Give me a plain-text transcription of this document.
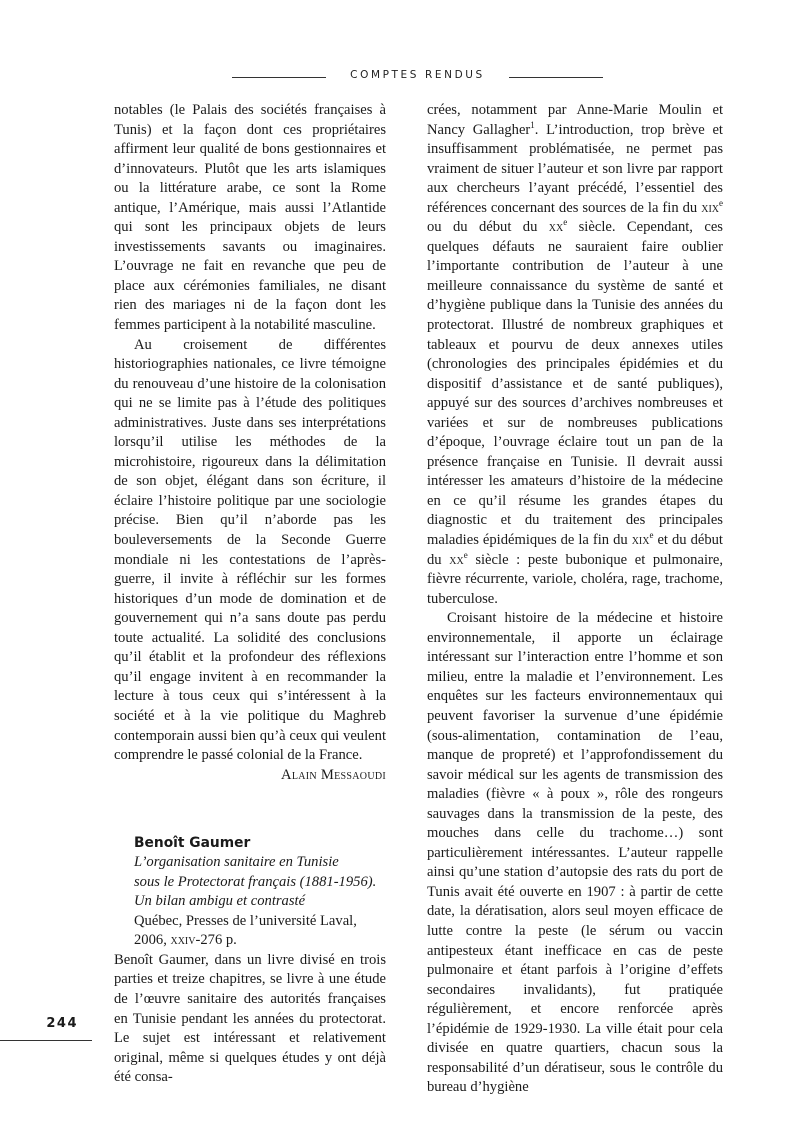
COMPTES RENDUS

notables (le Palais des sociétés françaises à Tunis) et la façon dont ces propriétaires affirment leur qualité de bons gestionnaires et d’innovateurs. Plutôt que les arts islamiques ou la littérature arabe, ce sont la Rome antique, l’Amérique, mais aussi l’Atlantide qui sont les principaux objets de leurs investissements savants ou imaginaires. L’ouvrage ne fait en revanche que peu de place aux cérémonies familiales, ne disant rien des mariages ni de la façon dont les femmes participent à la notabilité masculine.

Au croisement de différentes historiographies nationales, ce livre témoigne du renouveau d’une histoire de la colonisation qui ne se limite pas à l’étude des politiques administratives. Juste dans ses interprétations lorsqu’il utilise les méthodes de la microhistoire, rigoureux dans la délimitation de son objet, élégant dans son écriture, il éclaire l’histoire politique par une sociologie précise. Bien qu’il n’aborde pas les bouleversements de la Seconde Guerre mondiale ni les contestations de l’après-guerre, il invite à réfléchir sur les formes historiques d’un mode de domination et de gouvernement qui n’a sans doute pas perdu toute actualité. La solidité des conclusions qu’il établit et la profondeur des réflexions qu’il engage invitent à en recommander la lecture à tous ceux qui s’intéressent à la société et à la vie politique du Maghreb contemporain aussi bien qu’à ceux qui veulent comprendre le passé colonial de la France.

Alain Messaoudi

Benoît Gaumer
L’organisation sanitaire en Tunisie
sous le Protectorat français (1881-1956).
Un bilan ambigu et contrasté
Québec, Presses de l’université Laval,
2006, xxiv-276 p.

Benoît Gaumer, dans un livre divisé en trois parties et treize chapitres, se livre à une étude de l’œuvre sanitaire des autorités françaises en Tunisie pendant les années du protectorat. Le sujet est intéressant et relativement original, même si quelques études y ont déjà été consa-

crées, notamment par Anne-Marie Moulin et Nancy Gallagher$^1$. L’introduction, trop brève et insuffisamment problématisée, ne permet pas vraiment de situer l’auteur et son livre par rapport aux chercheurs l’ayant précédé, l’essentiel des références concernant des sources de la fin du xix$^e$ ou du début du $xx^e$ siècle. Cependant, ces quelques défauts ne sauraient faire oublier l’importante contribution de l’auteur à une meilleure connaissance du système de santé et d’hygiène publique dans la Tunisie des années du protectorat. Illustré de nombreux graphiques et tableaux et pourvu de deux annexes utiles (chronologies des principales épidémies et du dispositif d’assistance et de santé publiques), appuyé sur des sources d’archives nombreuses et variées et sur de nombreuses publications d’époque, l’ouvrage éclaire tout un pan de la présence française en Tunisie. Il devrait aussi intéresser les amateurs d’histoire de la médecine en ce qu’il résume les grandes étapes du diagnostic et du traitement des principales maladies épidémiques de la fin du xix$^e$ et du début du $xx^e$ siècle : peste bubonique et pulmonaire, fièvre récurrente, variole, choléra, rage, trachome, tuberculose.

Croisant histoire de la médecine et histoire environnementale, il apporte un éclairage intéressant sur l’interaction entre l’homme et son milieu, entre la maladie et l’environnement. Les enquêtes sur les facteurs environnementaux qui peuvent favoriser la survenue d’une épidémie (sous-alimentation, contamination de l’eau, manque de propreté) et l’approfondissement du savoir médical sur les agents de transmission des maladies (fièvre « à poux », rôle des rongeurs sauvages dans la transmission de la peste, des mouches dans celle du trachome…) sont particulièrement intéressantes. L’auteur rappelle ainsi qu’une station d’autopsie des rats du port de Tunis avait été ouverte en 1907 : à partir de cette date, la dératisation, alors seul moyen efficace de lutte contre la peste (le sérum ou vaccin antipesteux étant inefficace en cas de peste pulmonaire et étant parfois à l’origine d’effets secondaires invalidants), fut pratiquée régulièrement, et encore renforcée après l’épidémie de 1929-1930. La ville était pour cela divisée en quatre quartiers, chacun sous la responsabilité d’un dératiseur, sous le contrôle du bureau d’hygiène

244
